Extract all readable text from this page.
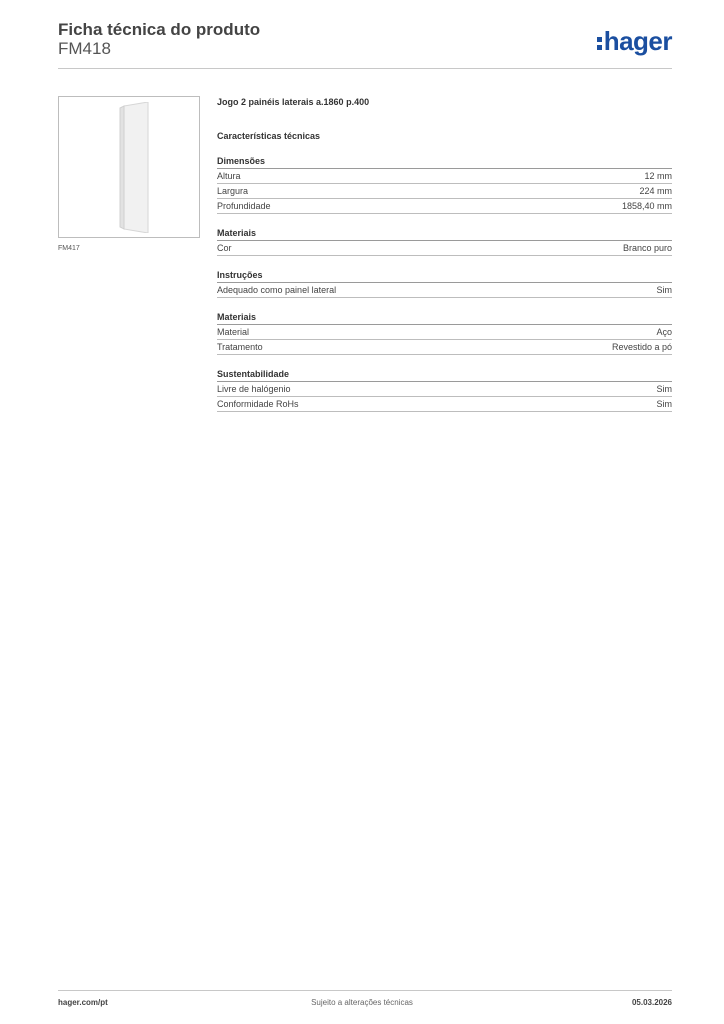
Ficha técnica do produto
FM418	hager
FM417
Jogo 2 painéis laterais a.1860 p.400
Características técnicas
Dimensões
Altura	12 mm
Largura	224 mm
Profundidade	1858,40 mm
Materiais
Cor	Branco puro
Instruções
Adequado como painel lateral	Sim
Materiais
Material	Aço
Tratamento	Revestido a pó
Sustentabilidade
Livre de halógenio	Sim
Conformidade RoHs	Sim
hager.com/pt	Sujeito a alterações técnicas	05.03.2026
